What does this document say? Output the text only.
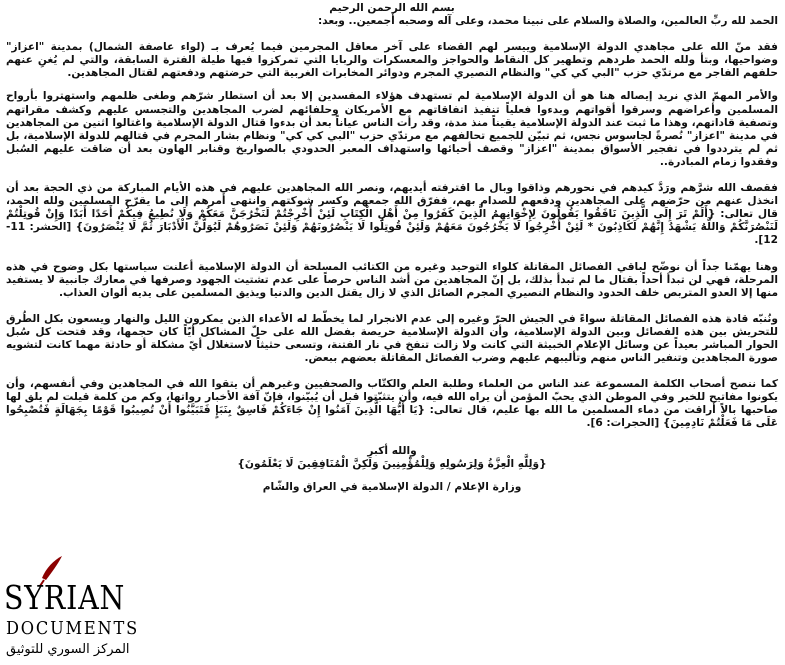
بسم الله الرحمن الرحيم

الحمد لله ربِّ العالمين، والصلاة والسلام على نبينا محمد، وعلى آله وصحبه أجمعين.. وبعد:

فقد منّ الله على مجاهدي الدولة الإسلامية وييسر لهم القضاء على آخر معاقل المجرمين فيما يُعرف بـ (لواء عاصفة الشمال) بمدينة "اعزاز" وضواحيها، وبتأ ولله الحمد طردهم وتطهير كل النقاط والحواجز والمعسكرات والربايا التي تمركزوا فيها طيلة الفترة السابقة، والتي لم يُغنِ عنهم حلفهم الفاجر مع مرتدّي حزب "البي كي كي" والنظام النصيري المجرم ودوائر المخابرات الغربية التي حرضتهم ودفعتهم لقتال المجاهدين.

والأمر المهمّ الذي نريد إيصاله هنا هو أن الدولة الإسلامية لم تستهدف هؤلاء المفسدين إلا بعد أن استطار شرّهم وطغى ظلمهم واستهتروا بأرواح المسلمين وأعراضهم وسرقوا أقواتهم وبدءوا فعلياً تنفيذ اتفاقاتهم مع الأمريكان وحلفائهم لضرب المجاهدين والتجسس عليهم وكشف مقراتهم وتصفية قاداتهم، وهذا ما ثبت عند الدولة الإسلامية يقيناً منذ مدة، وقد رأت الناس عياناً بعد أن بدءوا قتال الدولة الإسلامية واغتالوا اثنين من المجاهدين في مدينة "اعزاز" نُصرةً لجاسوس نجس، ثم تبيّن للجميع تحالفهم مع مرتدّي حزب "البي كي كي" ونظام بشار المجرم في قتالهم للدولة الإسلامية، بل ثم لم يترددوا في تفجير الأسواق بمدينة "اعزاز" وقصف أحيائها واستهداف المعبر الحدودي بالصواريخ وقنابر الهاون بعد أن ضاقت عليهم السُبل وفقدوا زمام المبادرة..

فقصف الله شرَّهم ورَدَّ كيدهم في نحورهم وذاقوا وبال ما اقترفته أيديهم، ونصر الله المجاهدين عليهم في هذه الأيام المباركة من ذي الحجة بعد أن انخذل عنهم من حرّضهم على المجاهدين ودفعهم للصدام بهم، ففرّق الله جمعهم وكسر شوكتهم وانتهى أمرهم إلى ما يقرّح المسلمين ولله الحمد، قال تعالى: {أَلَمْ تَرَ إِلَى الَّذِينَ نَافَقُوا يَقُولُونَ لِإِخْوَانِهِمُ الَّذِينَ كَفَرُوا مِنْ أَهْلِ الْكِتَابِ لَئِنْ أُخْرِجْتُمْ لَنَخْرُجَنَّ مَعَكُمْ وَلَا نُطِيعُ فِيكُمْ أَحَدًا أَبَدًا وَإِنْ قُوتِلْتُمْ لَنَنْصُرَنَّكُمْ وَاللَّهُ يَشْهَدُ إِنَّهُمْ لَكَاذِبُونَ * لَئِنْ أُخْرِجُوا لَا يَخْرُجُونَ مَعَهُمْ وَلَئِنْ قُوتِلُوا لَا يَنْصُرُونَهُمْ وَلَئِنْ نَصَرُوهُمْ لَيُوَلُّنَّ الْأَدْبَارَ ثُمَّ لَا يُنْصَرُونَ} [الحشر: 11-12].

وهنا يهمّنا جداً أن نوضّح لباقي الفصائل المقاتلة كلواء التوحيد وغيره من الكتائب المسلحة أن الدولة الإسلامية أعلنت سياستها بكل وضوح في هذه المرحلة، فهي لن تبدأ أحداً بقتال ما لم تبدأ بذلك، بل إنّ المجاهدين من أشد الناس حرصاً على عدم تشتيت الجهود وصرفها في معارك جانبية لا يستفيد منها إلا العدو المتربص خلف الحدود والنظام النصيري المجرم الصائل الذي لا زال يقتل الدين والدنيا ويذيق المسلمين على يديه ألوان العذاب.

ونُنبّه قادة هذه الفصائل المقاتلة سواءً في الجيش الحرّ وغيره إلى عدم الانجرار لما يخطّط له الأعداء الذين يمكرون الليل والنهار ويسعون بكل الطُرق للتحريش بين هذه الفصائل وبين الدولة الإسلامية، وأن الدولة الإسلامية حريصة بفضل الله على حلّ المشاكل أيّاً كان حجمها، وقد فتحت كل سُبل الحوار المباشر بعيداً عن وسائل الإعلام الخبيثة التي كانت ولا زالت تنفخ في نار الفتنة، وتسعى حثيثاً لاستغلال أيّ مشكلة أو حادثة مهما كانت لتشويه صورة المجاهدين وتنفير الناس منهم وتأليبهم عليهم وضرب الفصائل المقاتلة بعضهم ببعض.

كما ننصح أصحاب الكلمة المسموعة عند الناس من العلماء وطلبة العلم والكتّاب والصحفيين وغيرهم أن يتقوا الله في المجاهدين وفي أنفسهم، وأن يكونوا مفاتيح للخير وفي الموطن الذي يحبّ المؤمن أن يراه الله فيه، وأن يتثبّتوا قبل أن يُبيّنوا، فإنّ آفة الأخبار رواتها، وكم من كلمة قيلت لم يلق لها صاحبها بالاً أراقت من دماء المسلمين ما الله بها عليم، قال تعالى: {يَا أَيُّهَا الَّذِينَ آمَنُوا إِنْ جَاءَكُمْ فَاسِقٌ بِنَبَإٍ فَتَبَيَّنُوا أَنْ تُصِيبُوا قَوْمًا بِجَهَالَةٍ فَتُصْبِحُوا عَلَى مَا فَعَلْتُمْ نَادِمِينَ} [الحجرات: 6].

والله أكبر

{وَلِلَّهِ الْعِزَّةُ وَلِرَسُولِهِ وَلِلْمُؤْمِنِينَ وَلَكِنَّ الْمُنَافِقِينَ لَا يَعْلَمُونَ}

وزارة الإعلام / الدولة الإسلامية في العراق والشّام

SYRIAN
DOCUMENTS
المركز السوري للتوثيق
